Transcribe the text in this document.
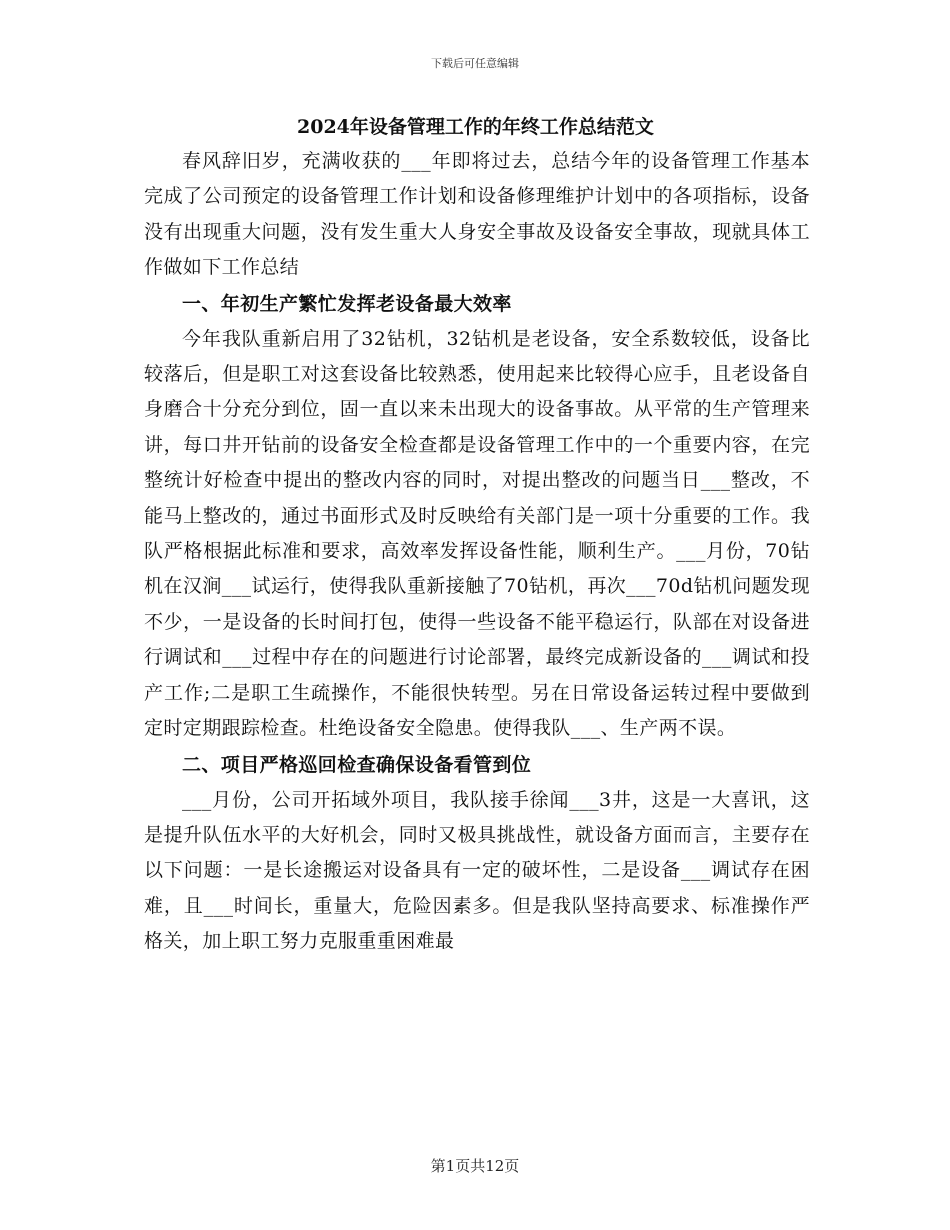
下载后可任意编辑
2024年设备管理工作的年终工作总结范文

春风辞旧岁，充满收获的___年即将过去，总结今年的设备管理工作基本完成了公司预定的设备管理工作计划和设备修理维护计划中的各项指标，设备没有出现重大问题，没有发生重大人身安全事故及设备安全事故，现就具体工作做如下工作总结

一、年初生产繁忙发挥老设备最大效率

今年我队重新启用了32钻机，32钻机是老设备，安全系数较低，设备比较落后，但是职工对这套设备比较熟悉，使用起来比较得心应手，且老设备自身磨合十分充分到位，固一直以来未出现大的设备事故。从平常的生产管理来讲，每口井开钻前的设备安全检查都是设备管理工作中的一个重要内容，在完整统计好检查中提出的整改内容的同时，对提出整改的问题当日___整改，不能马上整改的，通过书面形式及时反映给有关部门是一项十分重要的工作。我队严格根据此标准和要求，高效率发挥设备性能，顺利生产。___月份，70钻机在汉涧___试运行，使得我队重新接触了70钻机，再次___70d钻机问题发现不少，一是设备的长时间打包，使得一些设备不能平稳运行，队部在对设备进行调试和___过程中存在的问题进行讨论部署，最终完成新设备的___调试和投产工作;二是职工生疏操作，不能很快转型。另在日常设备运转过程中要做到定时定期跟踪检查。杜绝设备安全隐患。使得我队___、生产两不误。

二、项目严格巡回检查确保设备看管到位

___月份，公司开拓域外项目，我队接手徐闻___3井，这是一大喜讯，这是提升队伍水平的大好机会，同时又极具挑战性，就设备方面而言，主要存在以下问题：一是长途搬运对设备具有一定的破坏性，二是设备___调试存在困难，且___时间长，重量大，危险因素多。但是我队坚持高要求、标准操作严格关，加上职工努力克服重重困难最

第1页共12页
